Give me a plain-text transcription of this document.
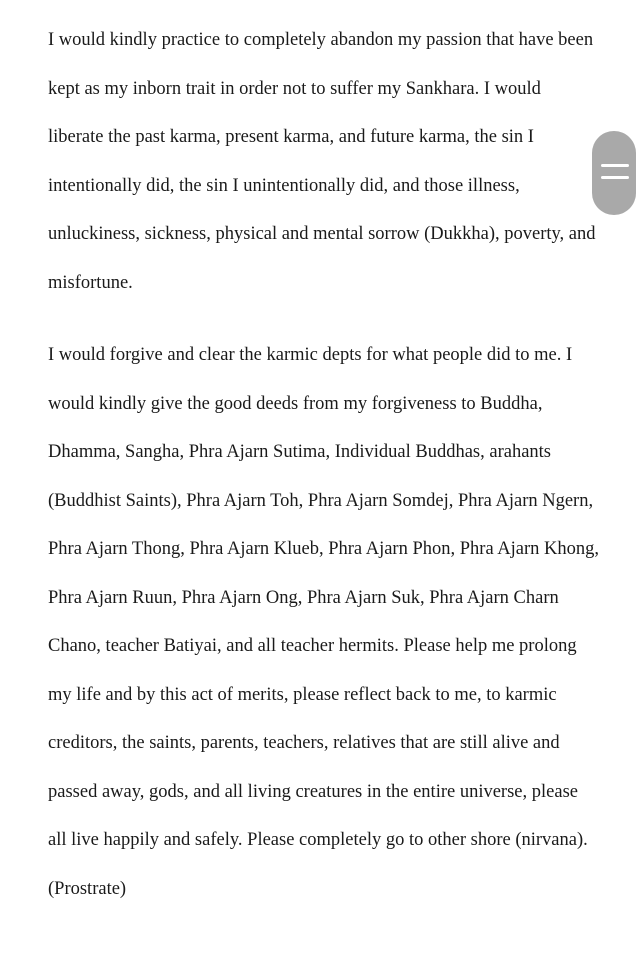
I would kindly practice to completely abandon my passion that have been kept as my inborn trait in order not to suffer my Sankhara. I would liberate the past karma, present karma, and future karma, the sin I intentionally did, the sin I unintentionally did, and those illness, unluckiness, sickness, physical and mental sorrow (Dukkha), poverty, and misfortune.

I would forgive and clear the karmic depts for what people did to me. I would kindly give the good deeds from my forgiveness to Buddha, Dhamma, Sangha, Phra Ajarn Sutima, Individual Buddhas, arahants (Buddhist Saints), Phra Ajarn Toh, Phra Ajarn Somdej, Phra Ajarn Ngern, Phra Ajarn Thong, Phra Ajarn Klueb, Phra Ajarn Phon, Phra Ajarn Khong, Phra Ajarn Ruun, Phra Ajarn Ong, Phra Ajarn Suk, Phra Ajarn Charn Chano, teacher Batiyai, and all teacher hermits. Please help me prolong my life and by this act of merits, please reflect back to me, to karmic creditors, the saints, parents, teachers, relatives that are still alive and passed away, gods, and all living creatures in the entire universe, please all live happily and safely. Please completely go to other shore (nirvana). (Prostrate)
